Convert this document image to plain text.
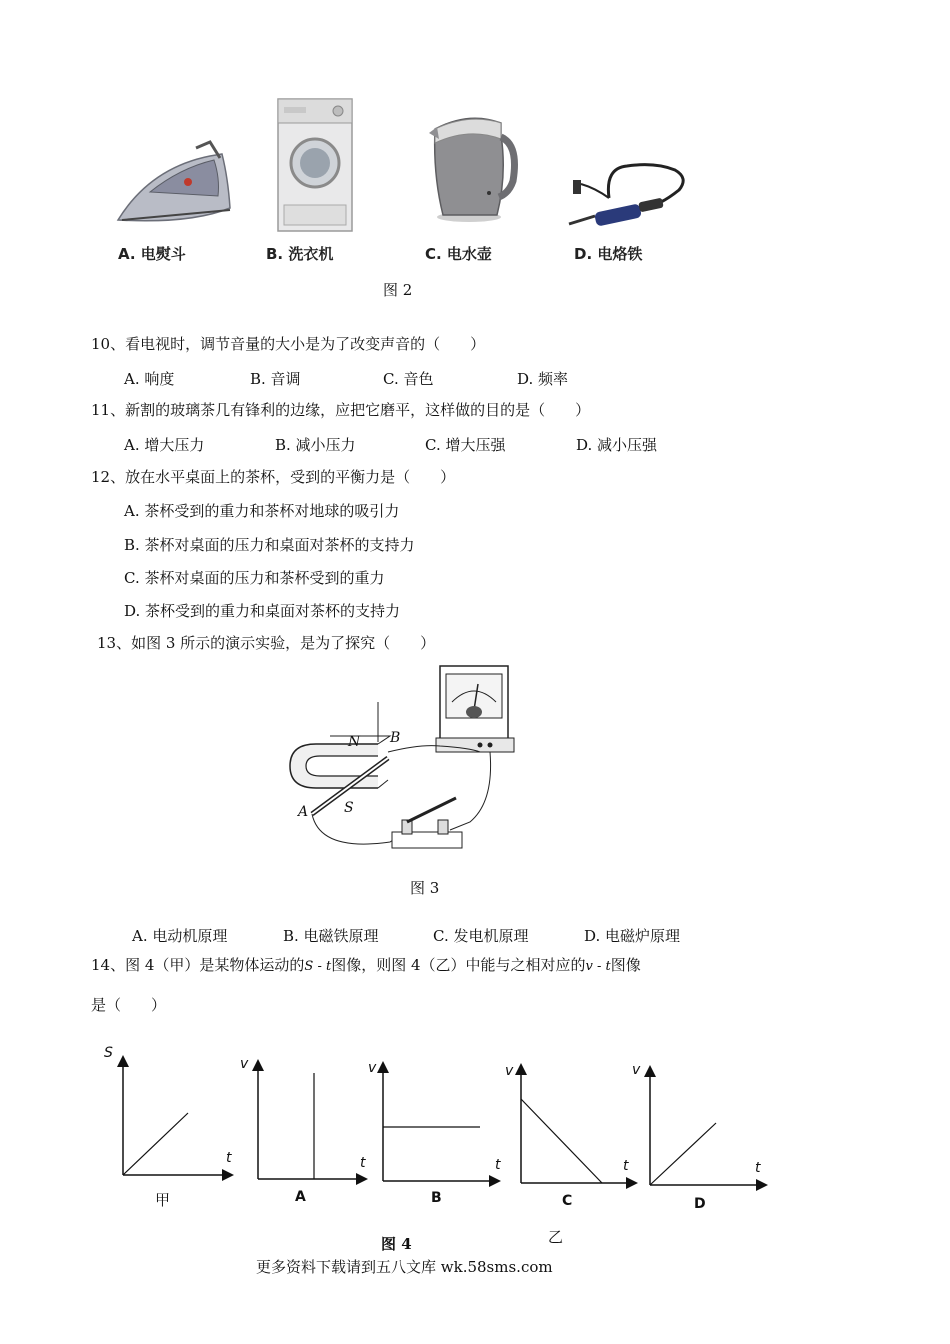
A. 电熨斗	B. 洗衣机	C. 电水壶	D. 电烙铁
图 2
10、看电视时，调节音量的大小是为了改变声音的（　　）
A. 响度	B. 音调	C. 音色	D. 频率
11、新割的玻璃茶几有锋利的边缘，应把它磨平，这样做的目的是（　　）
A. 增大压力	B. 减小压力	C. 增大压强	D. 减小压强
12、放在水平桌面上的茶杯，受到的平衡力是（　　）
A. 茶杯受到的重力和茶杯对地球的吸引力
B. 茶杯对桌面的压力和桌面对茶杯的支持力
C. 茶杯对桌面的压力和茶杯受到的重力
D. 茶杯受到的重力和桌面对茶杯的支持力
13、如图 3 所示的演示实验，是为了探究（　　）
N
S
A
B
图 3
A. 电动机原理	B. 电磁铁原理	C. 发电机原理	D. 电磁炉原理
14、图 4（甲）是某物体运动的S - t图像，则图 4（乙）中能与之相对应的v - t图像
是（　　）
S
t
v
t
v
t
v
t
v
t
甲	A	B	C	D
图 4	乙
更多资料下载请到五八文库 wk.58sms.com
